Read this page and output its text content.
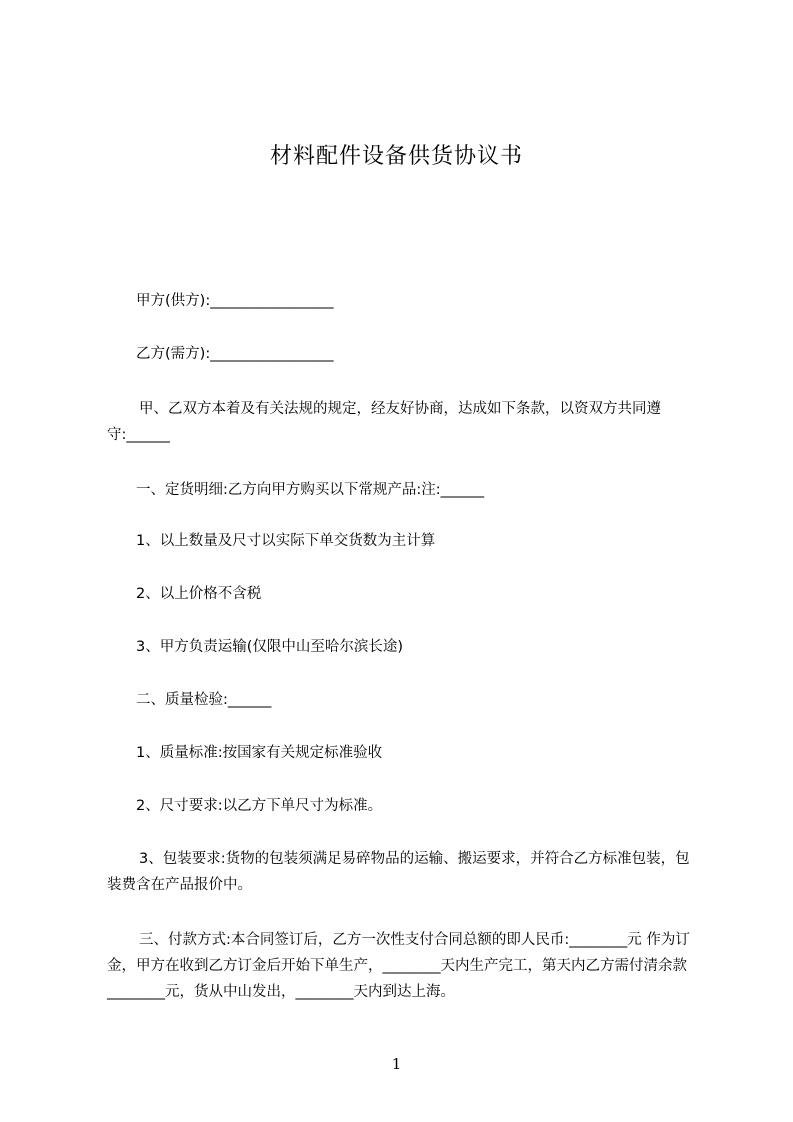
材料配件设备供货协议书

甲方(供方):_________________

乙方(需方):_________________

甲、乙双方本着及有关法规的规定，经友好协商，达成如下条款，以资双方共同遵守:______

一、定货明细:乙方向甲方购买以下常规产品:注:______

1、以上数量及尺寸以实际下单交货数为主计算

2、以上价格不含税

3、甲方负责运输(仅限中山至哈尔滨长途)

二、质量检验:______

1、质量标准:按国家有关规定标准验收

2、尺寸要求:以乙方下单尺寸为标准。

3、包装要求:货物的包装须满足易碎物品的运输、搬运要求，并符合乙方标准包装，包装费含在产品报价中。

三、付款方式:本合同签订后，乙方一次性支付合同总额的即人民币:________元 作为订金，甲方在收到乙方订金后开始下单生产，________天内生产完工，第天内乙方需付清余款________元，货从中山发出，________天内到达上海。

1
